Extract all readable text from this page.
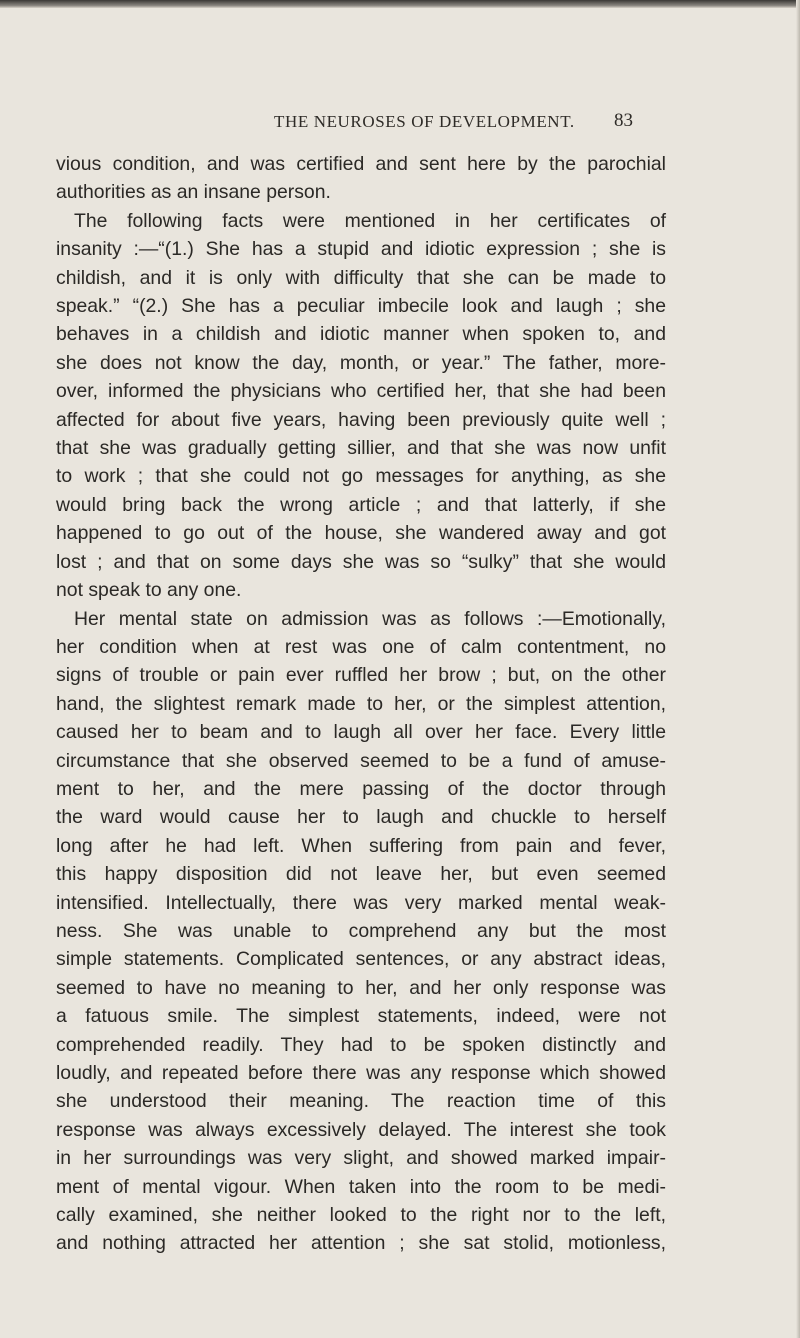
THE NEUROSES OF DEVELOPMENT. 83
vious condition, and was certified and sent here by the parochial
authorities as an insane person.
The following facts were mentioned in her certificates of
insanity :—“(1.) She has a stupid and idiotic expression ; she is
childish, and it is only with difficulty that she can be made to
speak.” “(2.) She has a peculiar imbecile look and laugh ; she
behaves in a childish and idiotic manner when spoken to, and
she does not know the day, month, or year.” The father, more-
over, informed the physicians who certified her, that she had been
affected for about five years, having been previously quite well ;
that she was gradually getting sillier, and that she was now unfit
to work ; that she could not go messages for anything, as she
would bring back the wrong article ; and that latterly, if she
happened to go out of the house, she wandered away and got
lost ; and that on some days she was so “sulky” that she would
not speak to any one.
Her mental state on admission was as follows :—Emotionally,
her condition when at rest was one of calm contentment, no
signs of trouble or pain ever ruffled her brow ; but, on the other
hand, the slightest remark made to her, or the simplest attention,
caused her to beam and to laugh all over her face. Every little
circumstance that she observed seemed to be a fund of amuse-
ment to her, and the mere passing of the doctor through
the ward would cause her to laugh and chuckle to herself
long after he had left. When suffering from pain and fever,
this happy disposition did not leave her, but even seemed
intensified. Intellectually, there was very marked mental weak-
ness. She was unable to comprehend any but the most
simple statements. Complicated sentences, or any abstract ideas,
seemed to have no meaning to her, and her only response was
a fatuous smile. The simplest statements, indeed, were not
comprehended readily. They had to be spoken distinctly and
loudly, and repeated before there was any response which showed
she understood their meaning. The reaction time of this
response was always excessively delayed. The interest she took
in her surroundings was very slight, and showed marked impair-
ment of mental vigour. When taken into the room to be medi-
cally examined, she neither looked to the right nor to the left,
and nothing attracted her attention ; she sat stolid, motionless,
